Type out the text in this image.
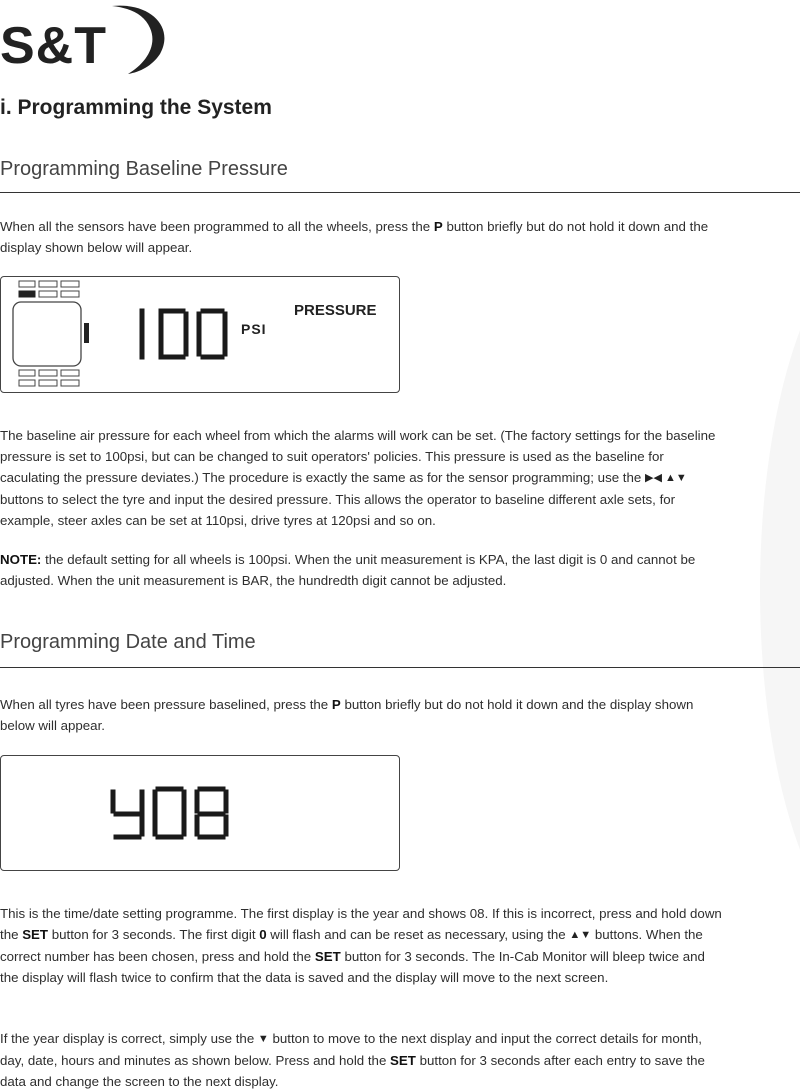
S&T
i. Programming the System
Programming Baseline Pressure

When all the sensors have been programmed to all the wheels, press the P button briefly but do not hold it down and the display shown below will appear.

PSI
PRESSURE

The baseline air pressure for each wheel from which the alarms will work can be set. (The factory settings for the baseline pressure is set to 100psi, but can be changed to suit operators' policies. This pressure is used as the baseline for caculating the pressure deviates.) The procedure is exactly the same as for the sensor programming; use the ▶◀ ▲▼ buttons to select the tyre and input the desired pressure. This allows the operator to baseline different axle sets, for example, steer axles can be set at 110psi, drive tyres at 120psi and so on.

NOTE: the default setting for all wheels is 100psi. When the unit measurement is KPA, the last digit is 0 and cannot be adjusted. When the unit measurement is BAR, the hundredth digit cannot be adjusted.

Programming Date and Time

When all tyres have been pressure baselined, press the P button briefly but do not hold it down and the display shown below will appear.

This is the time/date setting programme. The first display is the year and shows 08. If this is incorrect, press and hold down the SET button for 3 seconds. The first digit 0 will flash and can be reset as necessary, using the ▲▼ buttons. When the correct number has been chosen, press and hold the SET button for 3 seconds. The In-Cab Monitor will bleep twice and the display will flash twice to confirm that the data is saved and the display will move to the next screen.

If the year display is correct, simply use the ▼ button to move to the next display and input the correct details for month, day, date, hours and minutes as shown below. Press and hold the SET button for 3 seconds after each entry to save the data and change the screen to the next display.
